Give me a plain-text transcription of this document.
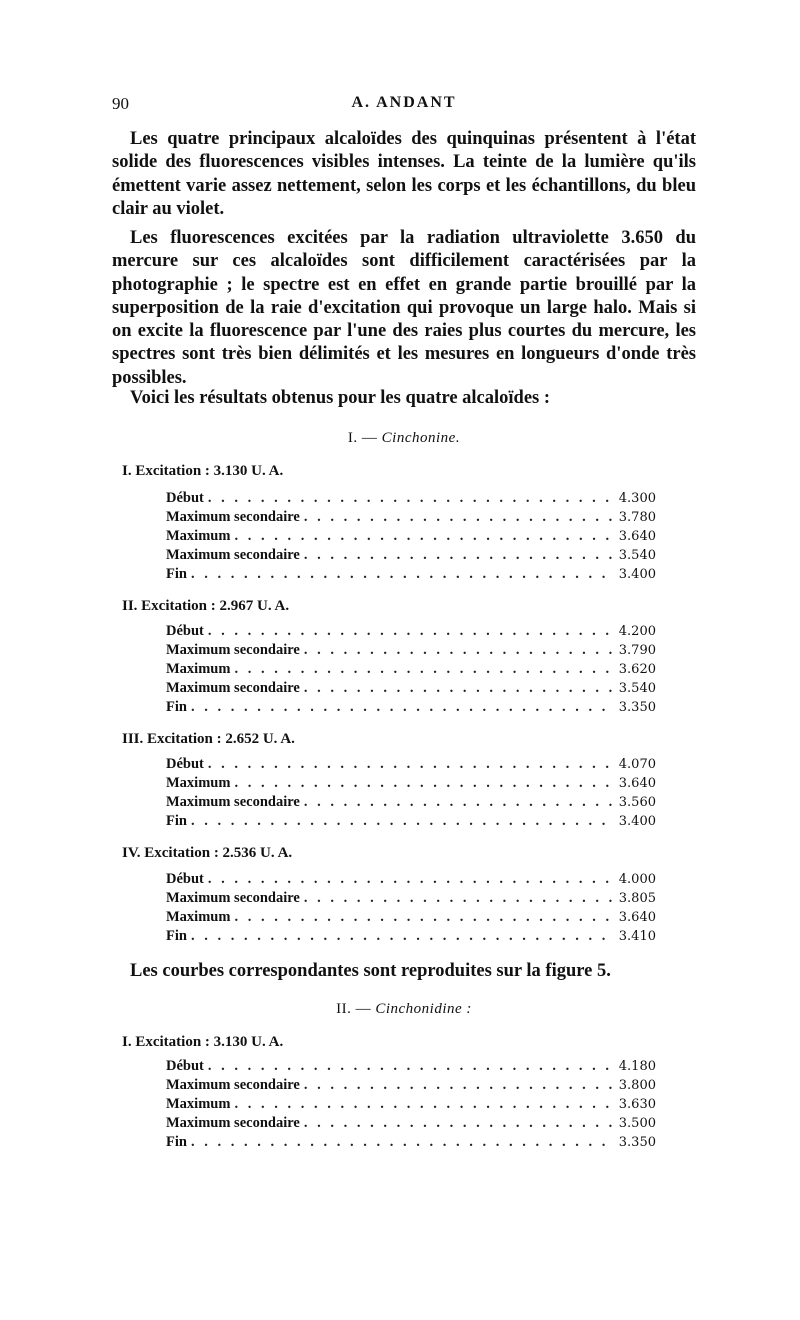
90	A. ANDANT

Les quatre principaux alcaloïdes des quinquinas présentent à l'état solide des fluorescences visibles intenses. La teinte de la lumière qu'ils émettent varie assez nettement, selon les corps et les échantillons, du bleu clair au violet.

Les fluorescences excitées par la radiation ultraviolette 3.650 du mercure sur ces alcaloïdes sont difficilement caractérisées par la photographie ; le spectre est en effet en grande partie brouillé par la superposition de la raie d'excitation qui provoque un large halo. Mais si on excite la fluorescence par l'une des raies plus courtes du mercure, les spectres sont très bien délimités et les mesures en longueurs d'onde très possibles.

Voici les résultats obtenus pour les quatre alcaloïdes :

I. — Cinchonine.

I. Excitation : 3.130 U. A.

Début . . .	4.300
Maximum secondaire . . .	3.780
Maximum . . .	3.640
Maximum secondaire . . .	3.540
Fin . . .	3.400

II. Excitation : 2.967 U. A.

Début . . .	4.200
Maximum secondaire . . .	3.790
Maximum . . .	3.620
Maximum secondaire . . .	3.540
Fin . . .	3.350

III. Excitation : 2.652 U. A.

Début . . .	4.070
Maximum . . .	3.640
Maximum secondaire . . .	3.560
Fin . . .	3.400

IV. Excitation : 2.536 U. A.

Début . . .	4.000
Maximum secondaire . . .	3.805
Maximum . . .	3.640
Fin . . .	3.410

Les courbes correspondantes sont reproduites sur la figure 5.

II. — Cinchonidine :

I. Excitation : 3.130 U. A.

Début . . .	4.180
Maximum secondaire . . .	3.800
Maximum . . .	3.630
Maximum secondaire . . .	3.500
Fin . . .	3.350
